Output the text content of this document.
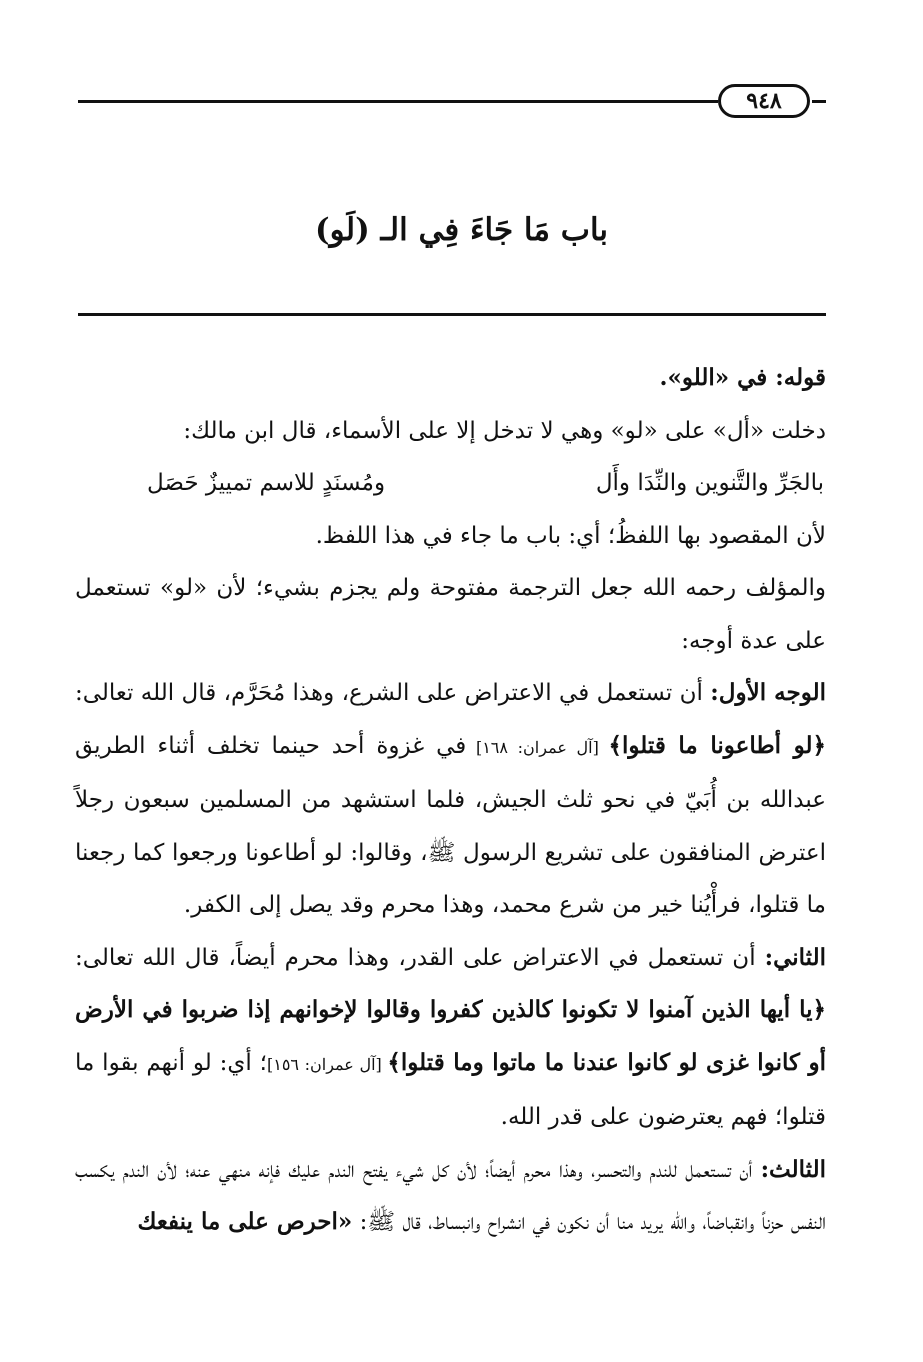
٩٤٨
باب مَا جَاءَ فِي الـ (لَو)

قوله: في «اللو».

دخلت «أل» على «لو» وهي لا تدخل إلا على الأسماء، قال ابن مالك:

بالجَرِّ والتَّنوين والنِّدَا وأَل
ومُسنَدٍ للاسم تمييزٌ حَصَل

لأن المقصود بها اللفظُ؛ أي: باب ما جاء في هذا اللفظ.

والمؤلف رحمه الله جعل الترجمة مفتوحة ولم يجزم بشيء؛ لأن «لو» تستعمل على عدة أوجه:

الوجه الأول: أن تستعمل في الاعتراض على الشرع، وهذا مُحَرَّم، قال الله تعالى: ﴿لو أطاعونا ما قتلوا﴾ [آل عمران: ١٦٨] في غزوة أحد حينما تخلف أثناء الطريق عبدالله بن أُبَيّ في نحو ثلث الجيش، فلما استشهد من المسلمين سبعون رجلاً اعترض المنافقون على تشريع الرسول ﷺ، وقالوا: لو أطاعونا ورجعوا كما رجعنا ما قتلوا، فرأْيُنا خير من شرع محمد، وهذا محرم وقد يصل إلى الكفر.

الثاني: أن تستعمل في الاعتراض على القدر، وهذا محرم أيضاً، قال الله تعالى: ﴿يا أيها الذين آمنوا لا تكونوا كالذين كفروا وقالوا لإخوانهم إذا ضربوا في الأرض أو كانوا غزى لو كانوا عندنا ما ماتوا وما قتلوا﴾ [آل عمران: ١٥٦]؛ أي: لو أنهم بقوا ما قتلوا؛ فهم يعترضون على قدر الله.

الثالث: أن تستعمل للندم والتحسر، وهذا محرم أيضاً؛ لأن كل شيء يفتح الندم عليك فإنه منهي عنه؛ لأن الندم يكسب النفس حزناً وانقباضاً، والله يريد منا أن نكون في انشراح وانبساط، قال ﷺ: «احرص على ما ينفعك
